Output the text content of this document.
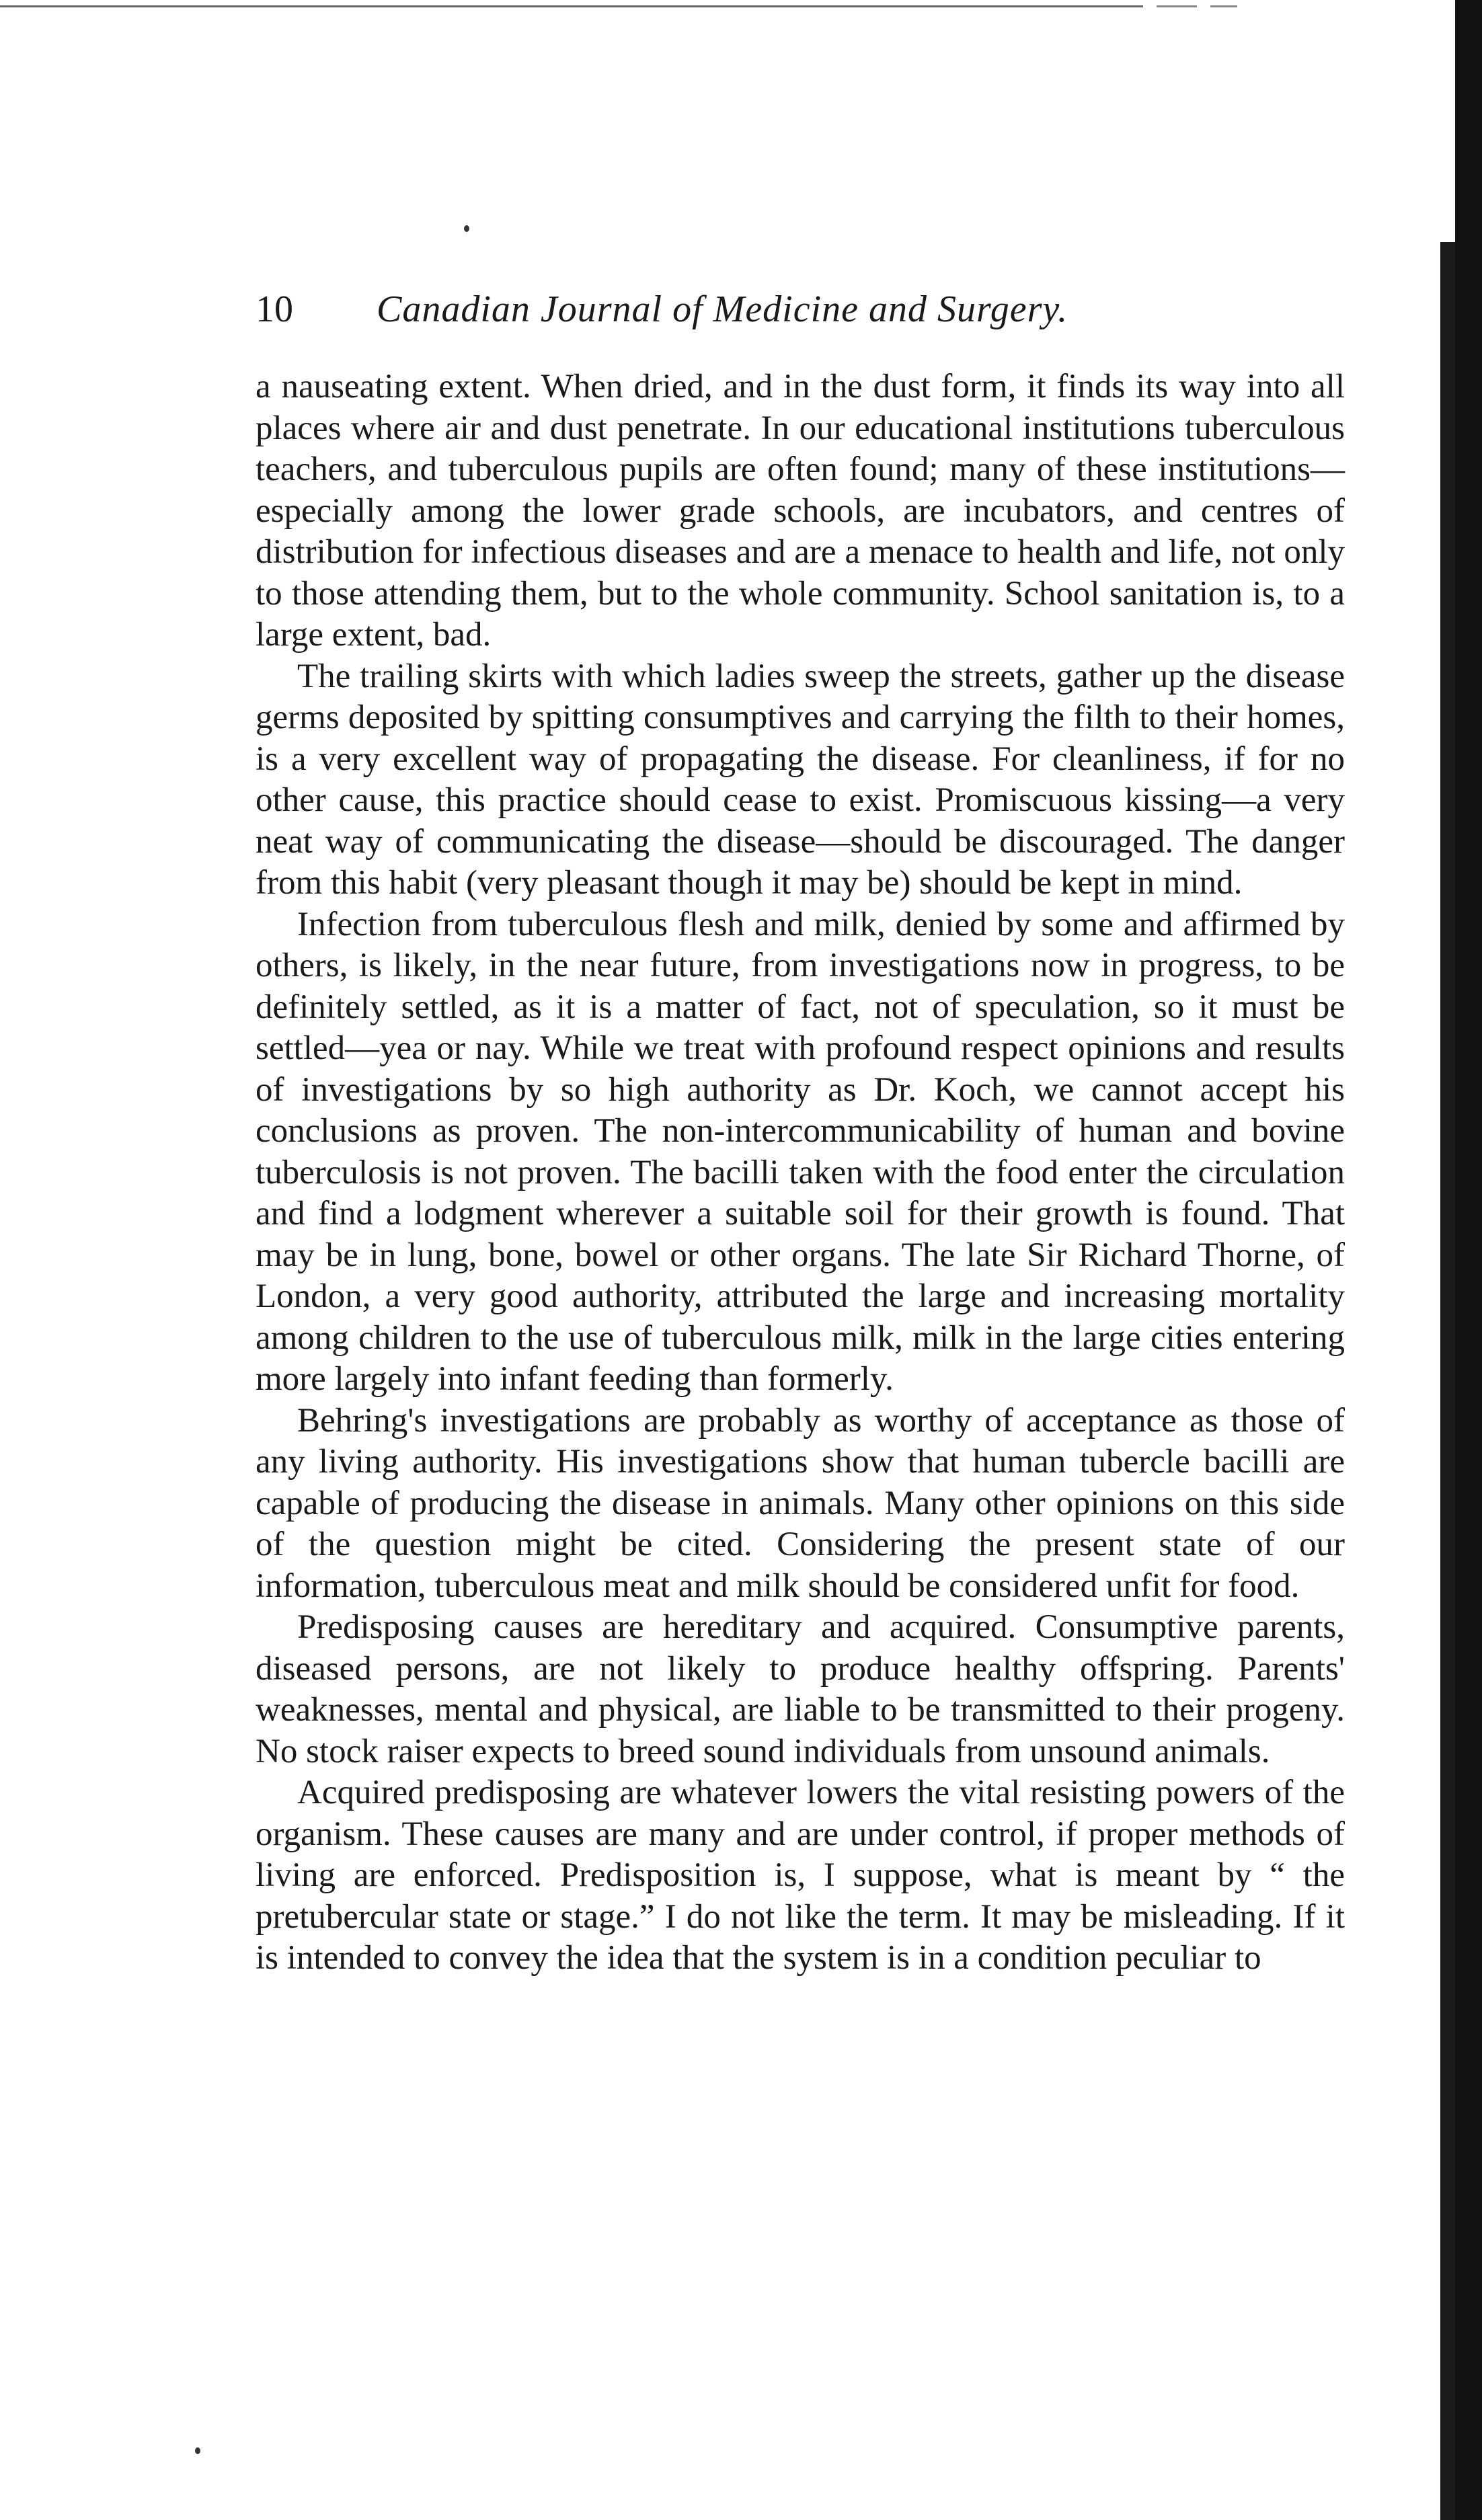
10 Canadian Journal of Medicine and Surgery.

a nauseating extent. When dried, and in the dust form, it finds its way into all places where air and dust penetrate. In our educational institutions tuberculous teachers, and tuberculous pupils are often found; many of these institutions—especially among the lower grade schools, are incubators, and centres of distribution for infectious diseases and are a menace to health and life, not only to those attending them, but to the whole community. School sanitation is, to a large extent, bad.

The trailing skirts with which ladies sweep the streets, gather up the disease germs deposited by spitting consumptives and carrying the filth to their homes, is a very excellent way of propagating the disease. For cleanliness, if for no other cause, this practice should cease to exist. Promiscuous kissing—a very neat way of communicating the disease—should be discouraged. The danger from this habit (very pleasant though it may be) should be kept in mind.

Infection from tuberculous flesh and milk, denied by some and affirmed by others, is likely, in the near future, from investigations now in progress, to be definitely settled, as it is a matter of fact, not of speculation, so it must be settled—yea or nay. While we treat with profound respect opinions and results of investigations by so high authority as Dr. Koch, we cannot accept his conclusions as proven. The non-intercommunicability of human and bovine tuberculosis is not proven. The bacilli taken with the food enter the circulation and find a lodgment wherever a suitable soil for their growth is found. That may be in lung, bone, bowel or other organs. The late Sir Richard Thorne, of London, a very good authority, attributed the large and increasing mortality among children to the use of tuberculous milk, milk in the large cities entering more largely into infant feeding than formerly.

Behring's investigations are probably as worthy of acceptance as those of any living authority. His investigations show that human tubercle bacilli are capable of producing the disease in animals. Many other opinions on this side of the question might be cited. Considering the present state of our information, tuberculous meat and milk should be considered unfit for food.

Predisposing causes are hereditary and acquired. Consumptive parents, diseased persons, are not likely to produce healthy offspring. Parents' weaknesses, mental and physical, are liable to be transmitted to their progeny. No stock raiser expects to breed sound individuals from unsound animals.

Acquired predisposing are whatever lowers the vital resisting powers of the organism. These causes are many and are under control, if proper methods of living are enforced. Predisposition is, I suppose, what is meant by “ the pretubercular state or stage.” I do not like the term. It may be misleading. If it is intended to convey the idea that the system is in a condition peculiar to
